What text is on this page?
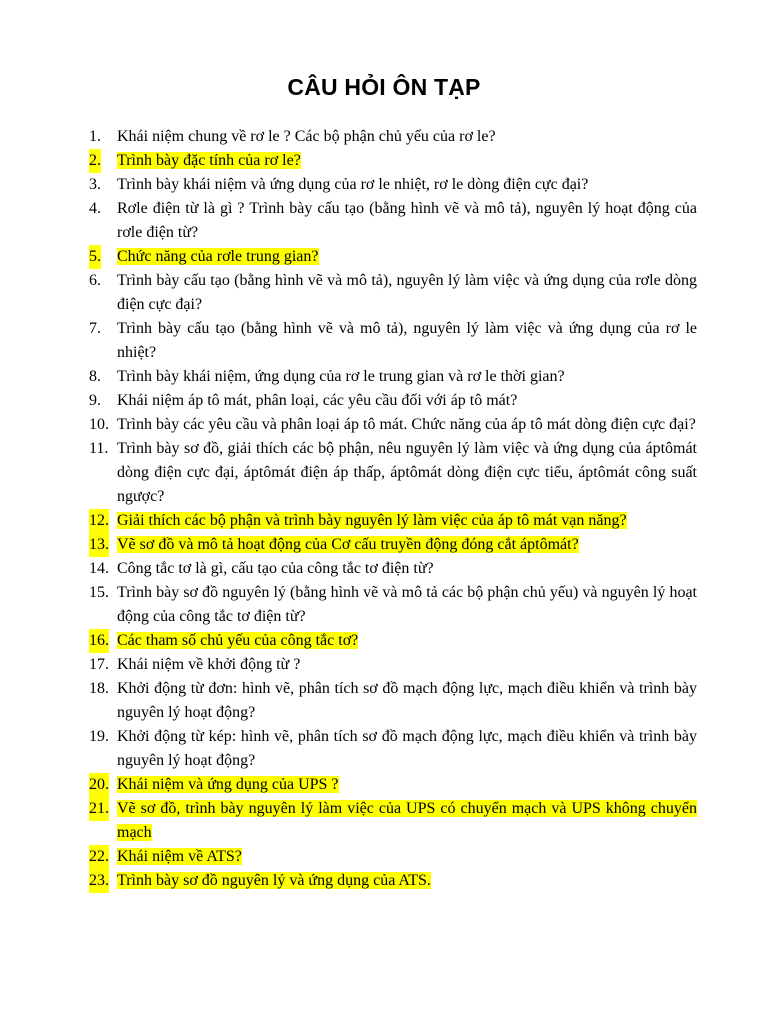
CÂU HỎI ÔN TẠP
1. Khái niệm chung về rơ le ? Các bộ phận chủ yếu của rơ le?
2. Trình bày đặc tính của rơ le?
3. Trình bày khái niệm và ứng dụng của rơ le nhiệt, rơ le dòng điện cực đại?
4. Rơle điện từ là gì ? Trình bày cấu tạo (bằng hình vẽ và mô tả), nguyên lý hoạt động của rơle điện từ?
5. Chức năng của rơle trung gian?
6. Trình bày cấu tạo (bằng hình vẽ và mô tả), nguyên lý làm việc và ứng dụng của rơle dòng điện cực đại?
7. Trình bày cấu tạo (bằng hình vẽ và mô tả), nguyên lý làm việc và ứng dụng của rơ le nhiệt?
8. Trình bày khái niệm, ứng dụng của rơ le trung gian và rơ le thời gian?
9. Khái niệm áp tô mát, phân loại, các yêu cầu đối với áp tô mát?
10. Trình bày các yêu cầu và phân loại áp tô mát. Chức năng của áp tô mát dòng điện cực đại?
11. Trình bày sơ đồ, giải thích các bộ phận, nêu nguyên lý làm việc và ứng dụng của áptômát dòng điện cực đại, áptômát điện áp thấp, áptômát dòng điện cực tiểu, áptômát công suất ngược?
12. Giải thích các bộ phận và trình bày nguyên lý làm việc của áp tô mát vạn năng?
13. Vẽ sơ đồ và mô tả hoạt động của Cơ cấu truyền động đóng cắt áptômát?
14. Công tắc tơ là gì, cấu tạo của công tắc tơ điện từ?
15. Trình bày sơ đồ nguyên lý (bằng hình vẽ và mô tả các bộ phận chủ yếu) và nguyên lý hoạt động của công tắc tơ điện từ?
16. Các tham số chủ yếu của công tắc tơ?
17. Khái niệm về khởi động từ ?
18. Khởi động từ đơn: hình vẽ, phân tích sơ đồ mạch động lực, mạch điều khiển và trình bày nguyên lý hoạt động?
19. Khởi động từ kép: hình vẽ, phân tích sơ đồ mạch động lực, mạch điều khiển và trình bày nguyên lý hoạt động?
20. Khái niệm và ứng dụng của UPS ?
21. Vẽ sơ đồ, trình bày nguyên lý làm việc của UPS có chuyển mạch và UPS không chuyển mạch
22. Khái niệm về ATS?
23. Trình bày sơ đồ nguyên lý và ứng dụng của ATS.
